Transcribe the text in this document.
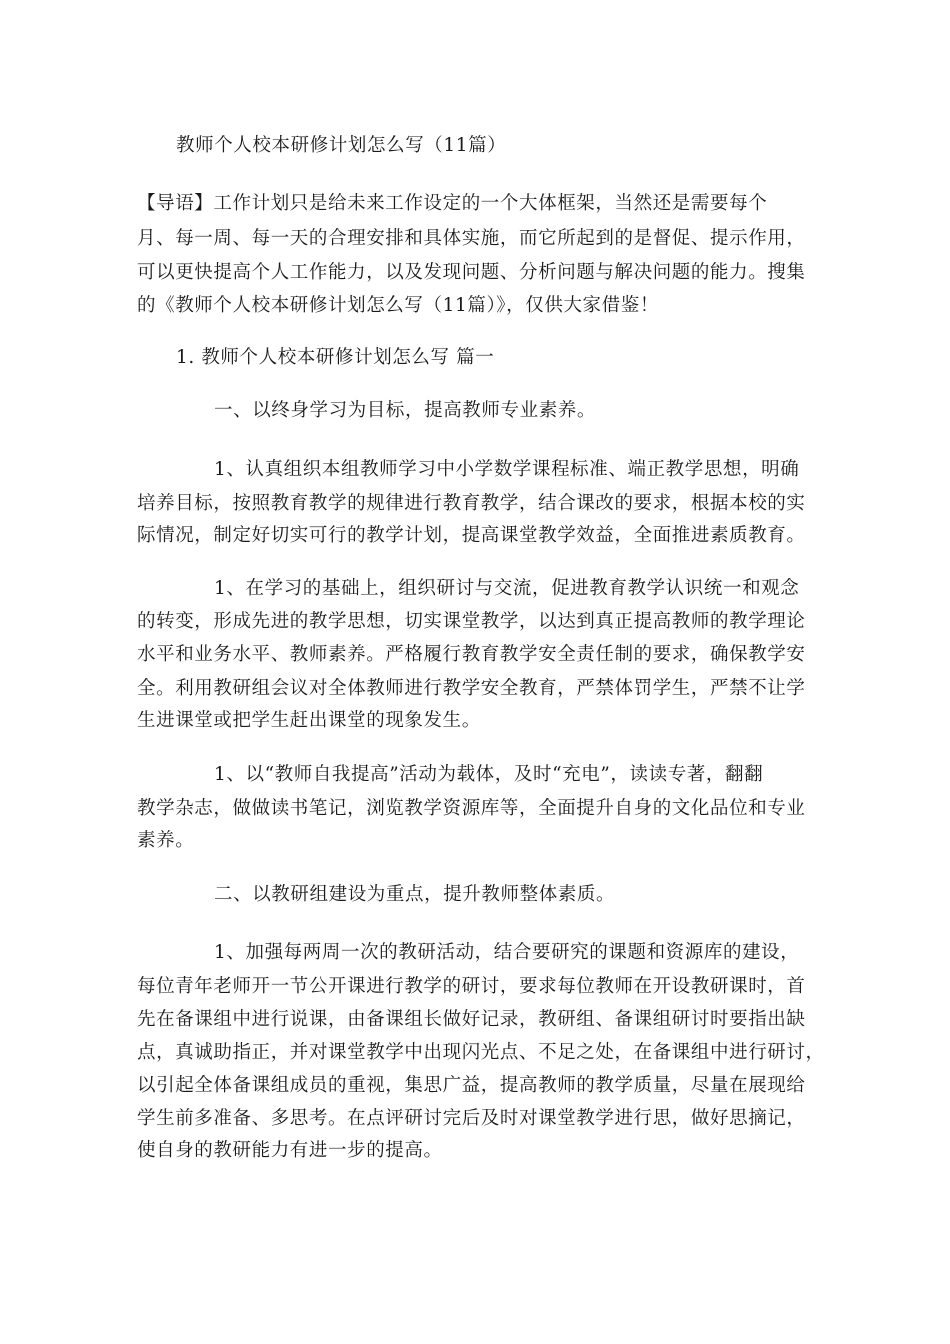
教师个人校本研修计划怎么写（11篇）
【导语】工作计划只是给未来工作设定的一个大体框架，当然还是需要每个
月、每一周、每一天的合理安排和具体实施，而它所起到的是督促、提示作用，
可以更快提高个人工作能力，以及发现问题、分析问题与解决问题的能力。搜集
的《教师个人校本研修计划怎么写（11篇）》，仅供大家借鉴！
1. 教师个人校本研修计划怎么写 篇一
一、以终身学习为目标，提高教师专业素养。
1、认真组织本组教师学习中小学数学课程标准、端正教学思想，明确
培养目标，按照教育教学的规律进行教育教学，结合课改的要求，根据本校的实
际情况，制定好切实可行的教学计划，提高课堂教学效益，全面推进素质教育。
1、在学习的基础上，组织研讨与交流，促进教育教学认识统一和观念
的转变，形成先进的教学思想，切实课堂教学，以达到真正提高教师的教学理论
水平和业务水平、教师素养。严格履行教育教学安全责任制的要求，确保教学安
全。利用教研组会议对全体教师进行教学安全教育，严禁体罚学生，严禁不让学
生进课堂或把学生赶出课堂的现象发生。
1、以“教师自我提高”活动为载体，及时“充电”，读读专著，翻翻
教学杂志，做做读书笔记，浏览教学资源库等，全面提升自身的文化品位和专业
素养。
二、以教研组建设为重点，提升教师整体素质。
1、加强每两周一次的教研活动，结合要研究的课题和资源库的建设，
每位青年老师开一节公开课进行教学的研讨，要求每位教师在开设教研课时，首
先在备课组中进行说课，由备课组长做好记录，教研组、备课组研讨时要指出缺
点，真诚助指正，并对课堂教学中出现闪光点、不足之处，在备课组中进行研讨，
以引起全体备课组成员的重视，集思广益，提高教师的教学质量，尽量在展现给
学生前多准备、多思考。在点评研讨完后及时对课堂教学进行思，做好思摘记，
使自身的教研能力有进一步的提高。
